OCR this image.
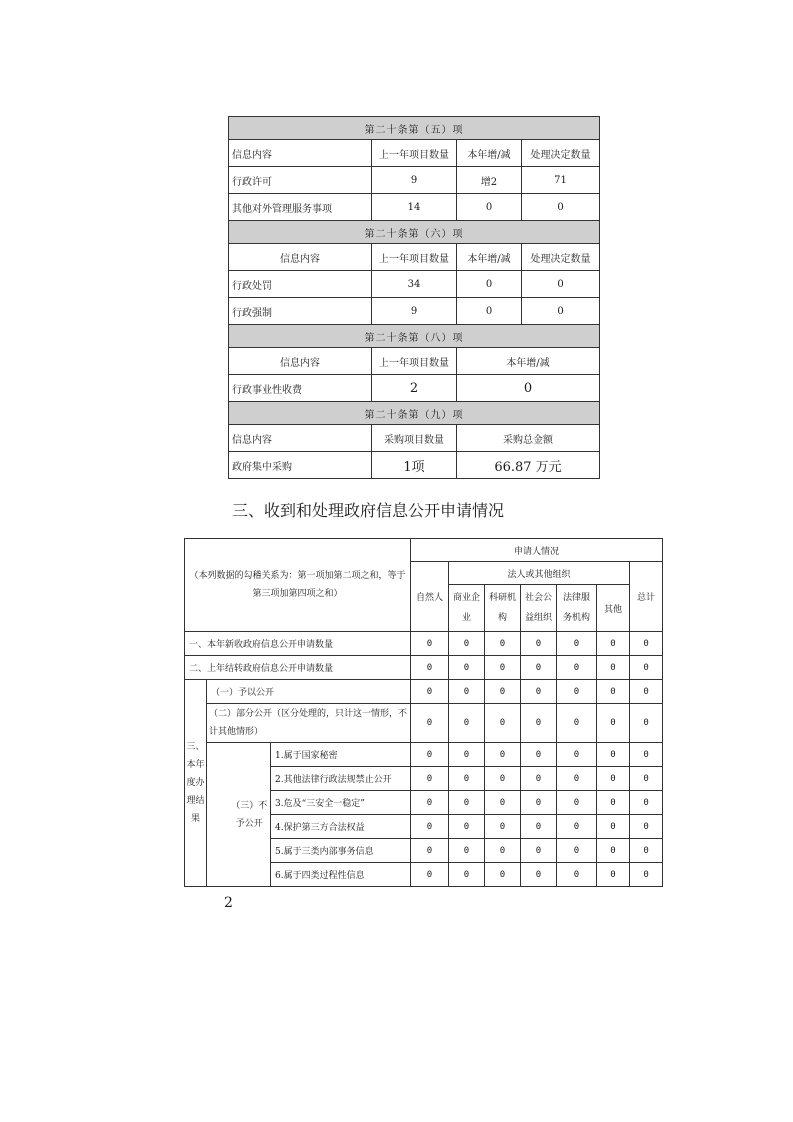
第二十条第（五）项			
信息内容	上一年项目数量	本年增/减	处理决定数量
行政许可	9	增2	71
其他对外管理服务事项	14	0	0
第二十条第（六）项			
信息内容	上一年项目数量	本年增/减	处理决定数量
行政处罚	34	0	0
行政强制	9	0	0
第二十条第（八）项			
信息内容	上一年项目数量	本年增/减	
行政事业性收费	2	0	
第二十条第（九）项			
信息内容	采购项目数量	采购总金额	
政府集中采购	1项	66.87 万元	
三、收到和处理政府信息公开申请情况
（本列数据的勾稽关系为：第一项加第二项之和，等于第三项加第四项之和）				申请人情况						
				自然人	法人或其他组织					总计
					商业企业	科研机构	社会公益组织	法律服务机构	其他	
一、本年新收政府信息公开申请数量				0	0	0	0	0	0	0
二、上年结转政府信息公开申请数量				0	0	0	0	0	0	0
三、本年度办理结果	（一）予以公开			0	0	0	0	0	0	0
	（二）部分公开（区分处理的，只计这一情形，不计其他情形）			0	0	0	0	0	0	0
		（三）不予公开	1.属于国家秘密	0	0	0	0	0	0	0
			2.其他法律行政法规禁止公开	0	0	0	0	0	0	0
			3.危及“三安全一稳定”	0	0	0	0	0	0	0
			4.保护第三方合法权益	0	0	0	0	0	0	0
			5.属于三类内部事务信息	0	0	0	0	0	0	0
			6.属于四类过程性信息	0	0	0	0	0	0	0
2
